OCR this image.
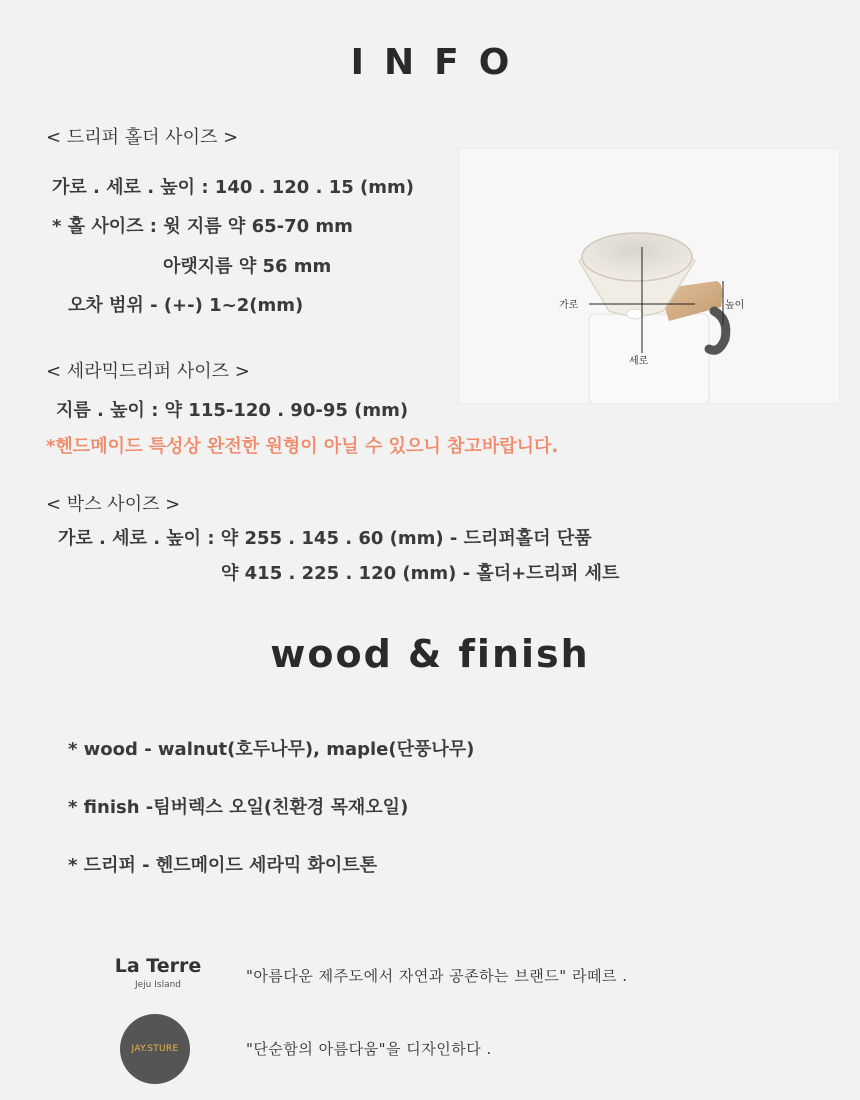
INFO
< 드리퍼 홀더 사이즈 >
가로 . 세로 . 높이 : 140 . 120 . 15 (mm)
* 홀 사이즈 : 윗 지름 약 65-70 mm
아랫지름 약 56 mm
오차 범위 - (+-) 1~2(mm)	가로	높이
세로
< 세라믹드리퍼 사이즈 >
지름 . 높이 : 약 115-120 . 90-95 (mm)
*헨드메이드 특성상 완전한 원형이 아닐 수 있으니 참고바랍니다.
< 박스 사이즈 >
가로 . 세로 . 높이 : 약 255 . 145 . 60 (mm) - 드리퍼홀더 단품
약 415 . 225 . 120 (mm) - 홀더+드리퍼 세트
wood & finish
* wood - walnut(호두나무), maple(단풍나무)
* finish -팀버렉스 오일(친환경 목재오일)
* 드리퍼 - 헨드메이드 세라믹 화이트톤
La Terre
Jeju Island	"아름다운 제주도에서 자연과 공존하는 브랜드" 라떼르 .
JAY.STURE	"단순함의 아름다움"을 디자인하다 .
